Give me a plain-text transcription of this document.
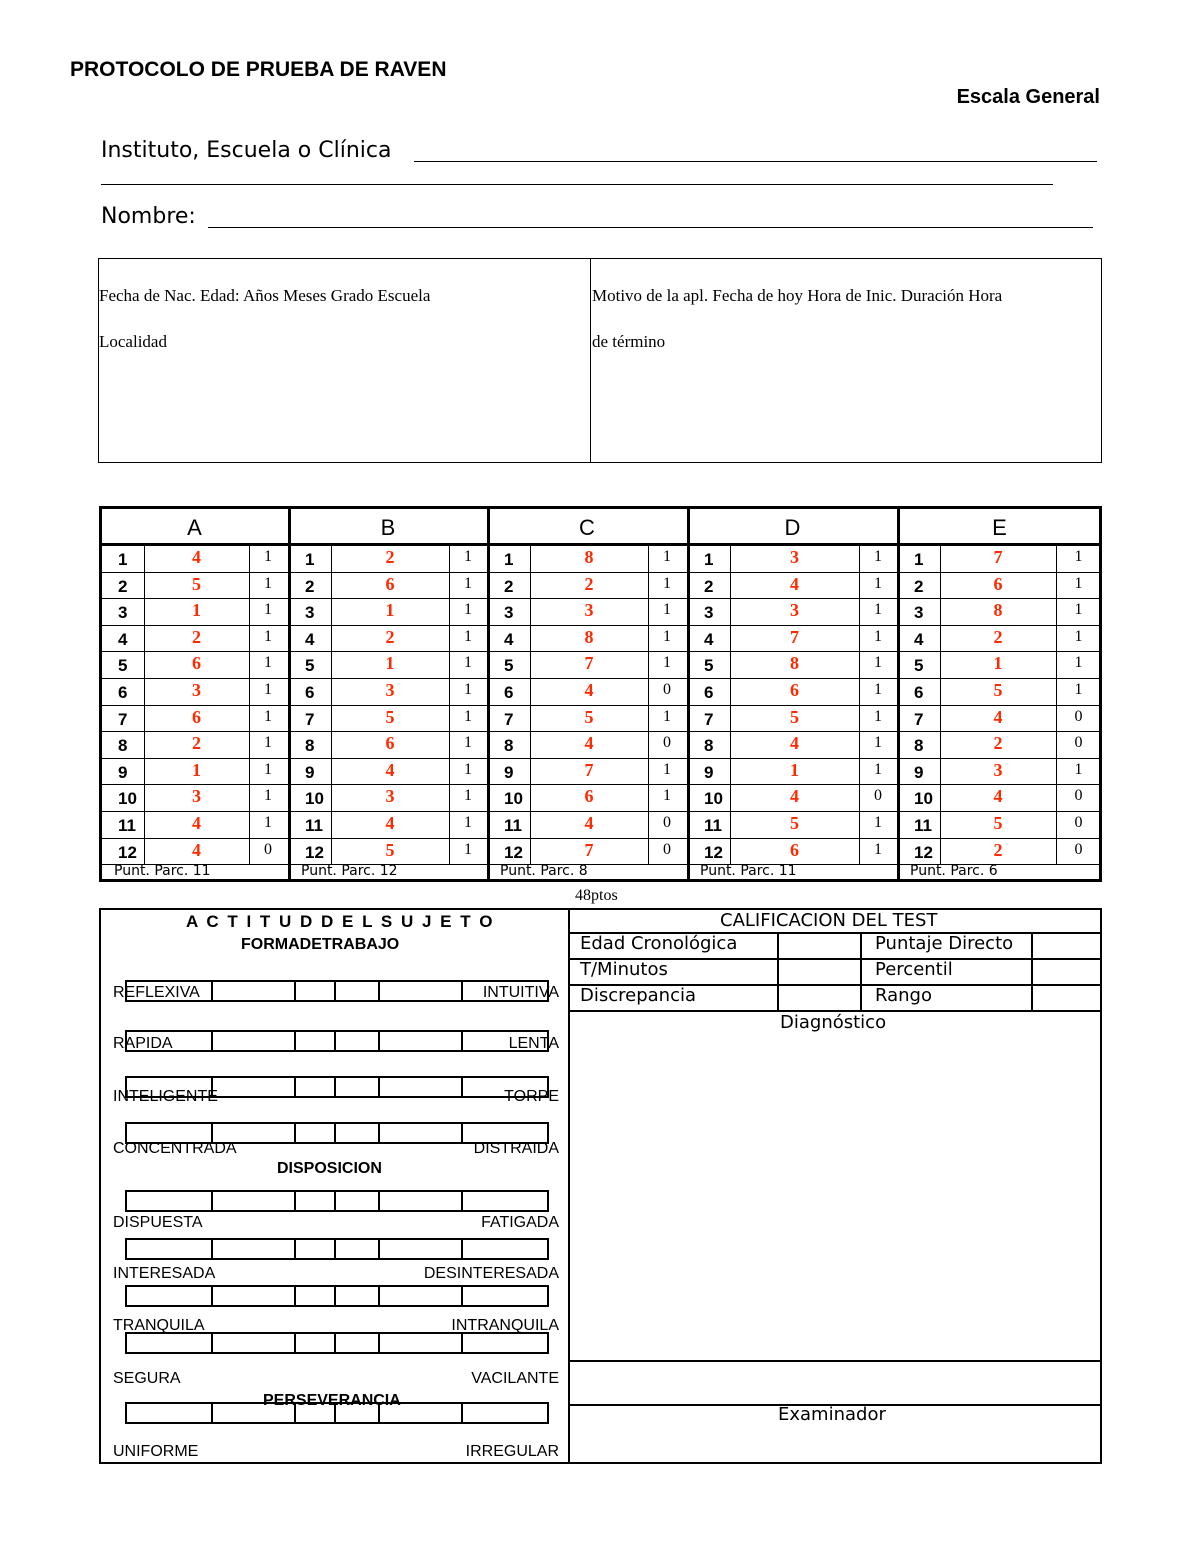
PROTOCOLO DE PRUEBA DE RAVEN
Escala General
Instituto, Escuela o Clínica
Nombre:
Fecha de Nac. Edad: Años Meses Grado Escuela
Localidad
Motivo de la apl. Fecha de hoy Hora de Inic. Duración Hora
de término
A
1	4	1
2	5	1
3	1	1
4	2	1
5	6	1
6	3	1
7	6	1
8	2	1
9	1	1
10	3	1
11	4	1
12	4	0
Punt. Parc. 11
B
1	2	1
2	6	1
3	1	1
4	2	1
5	1	1
6	3	1
7	5	1
8	6	1
9	4	1
10	3	1
11	4	1
12	5	1
Punt. Parc. 12
C
1	8	1
2	2	1
3	3	1
4	8	1
5	7	1
6	4	0
7	5	1
8	4	0
9	7	1
10	6	1
11	4	0
12	7	0
Punt. Parc. 8
D
1	3	1
2	4	1
3	3	1
4	7	1
5	8	1
6	6	1
7	5	1
8	4	1
9	1	1
10	4	0
11	5	1
12	6	1
Punt. Parc. 11
E
1	7	1
2	6	1
3	8	1
4	2	1
5	1	1
6	5	1
7	4	0
8	2	0
9	3	1
10	4	0
11	5	0
12	2	0
Punt. Parc. 6
48ptos
A C T I T U D D E L S U J E T O
FORMADETRABAJO
DISPOSICION
PERSEVERANCIA
REFLEXIVA	INTUITIVA
RAPIDA	LENTA
INTELIGENTE	TORPE
CONCENTRADA	DISTRAIDA
DISPUESTA	FATIGADA
INTERESADA	DESINTERESADA
TRANQUILA	INTRANQUILA
SEGURA	VACILANTE
UNIFORME	IRREGULAR
CALIFICACION DEL TEST
Edad Cronológica	Puntaje Directo
T/Minutos	Percentil
Discrepancia	Rango
Diagnóstico
Examinador
